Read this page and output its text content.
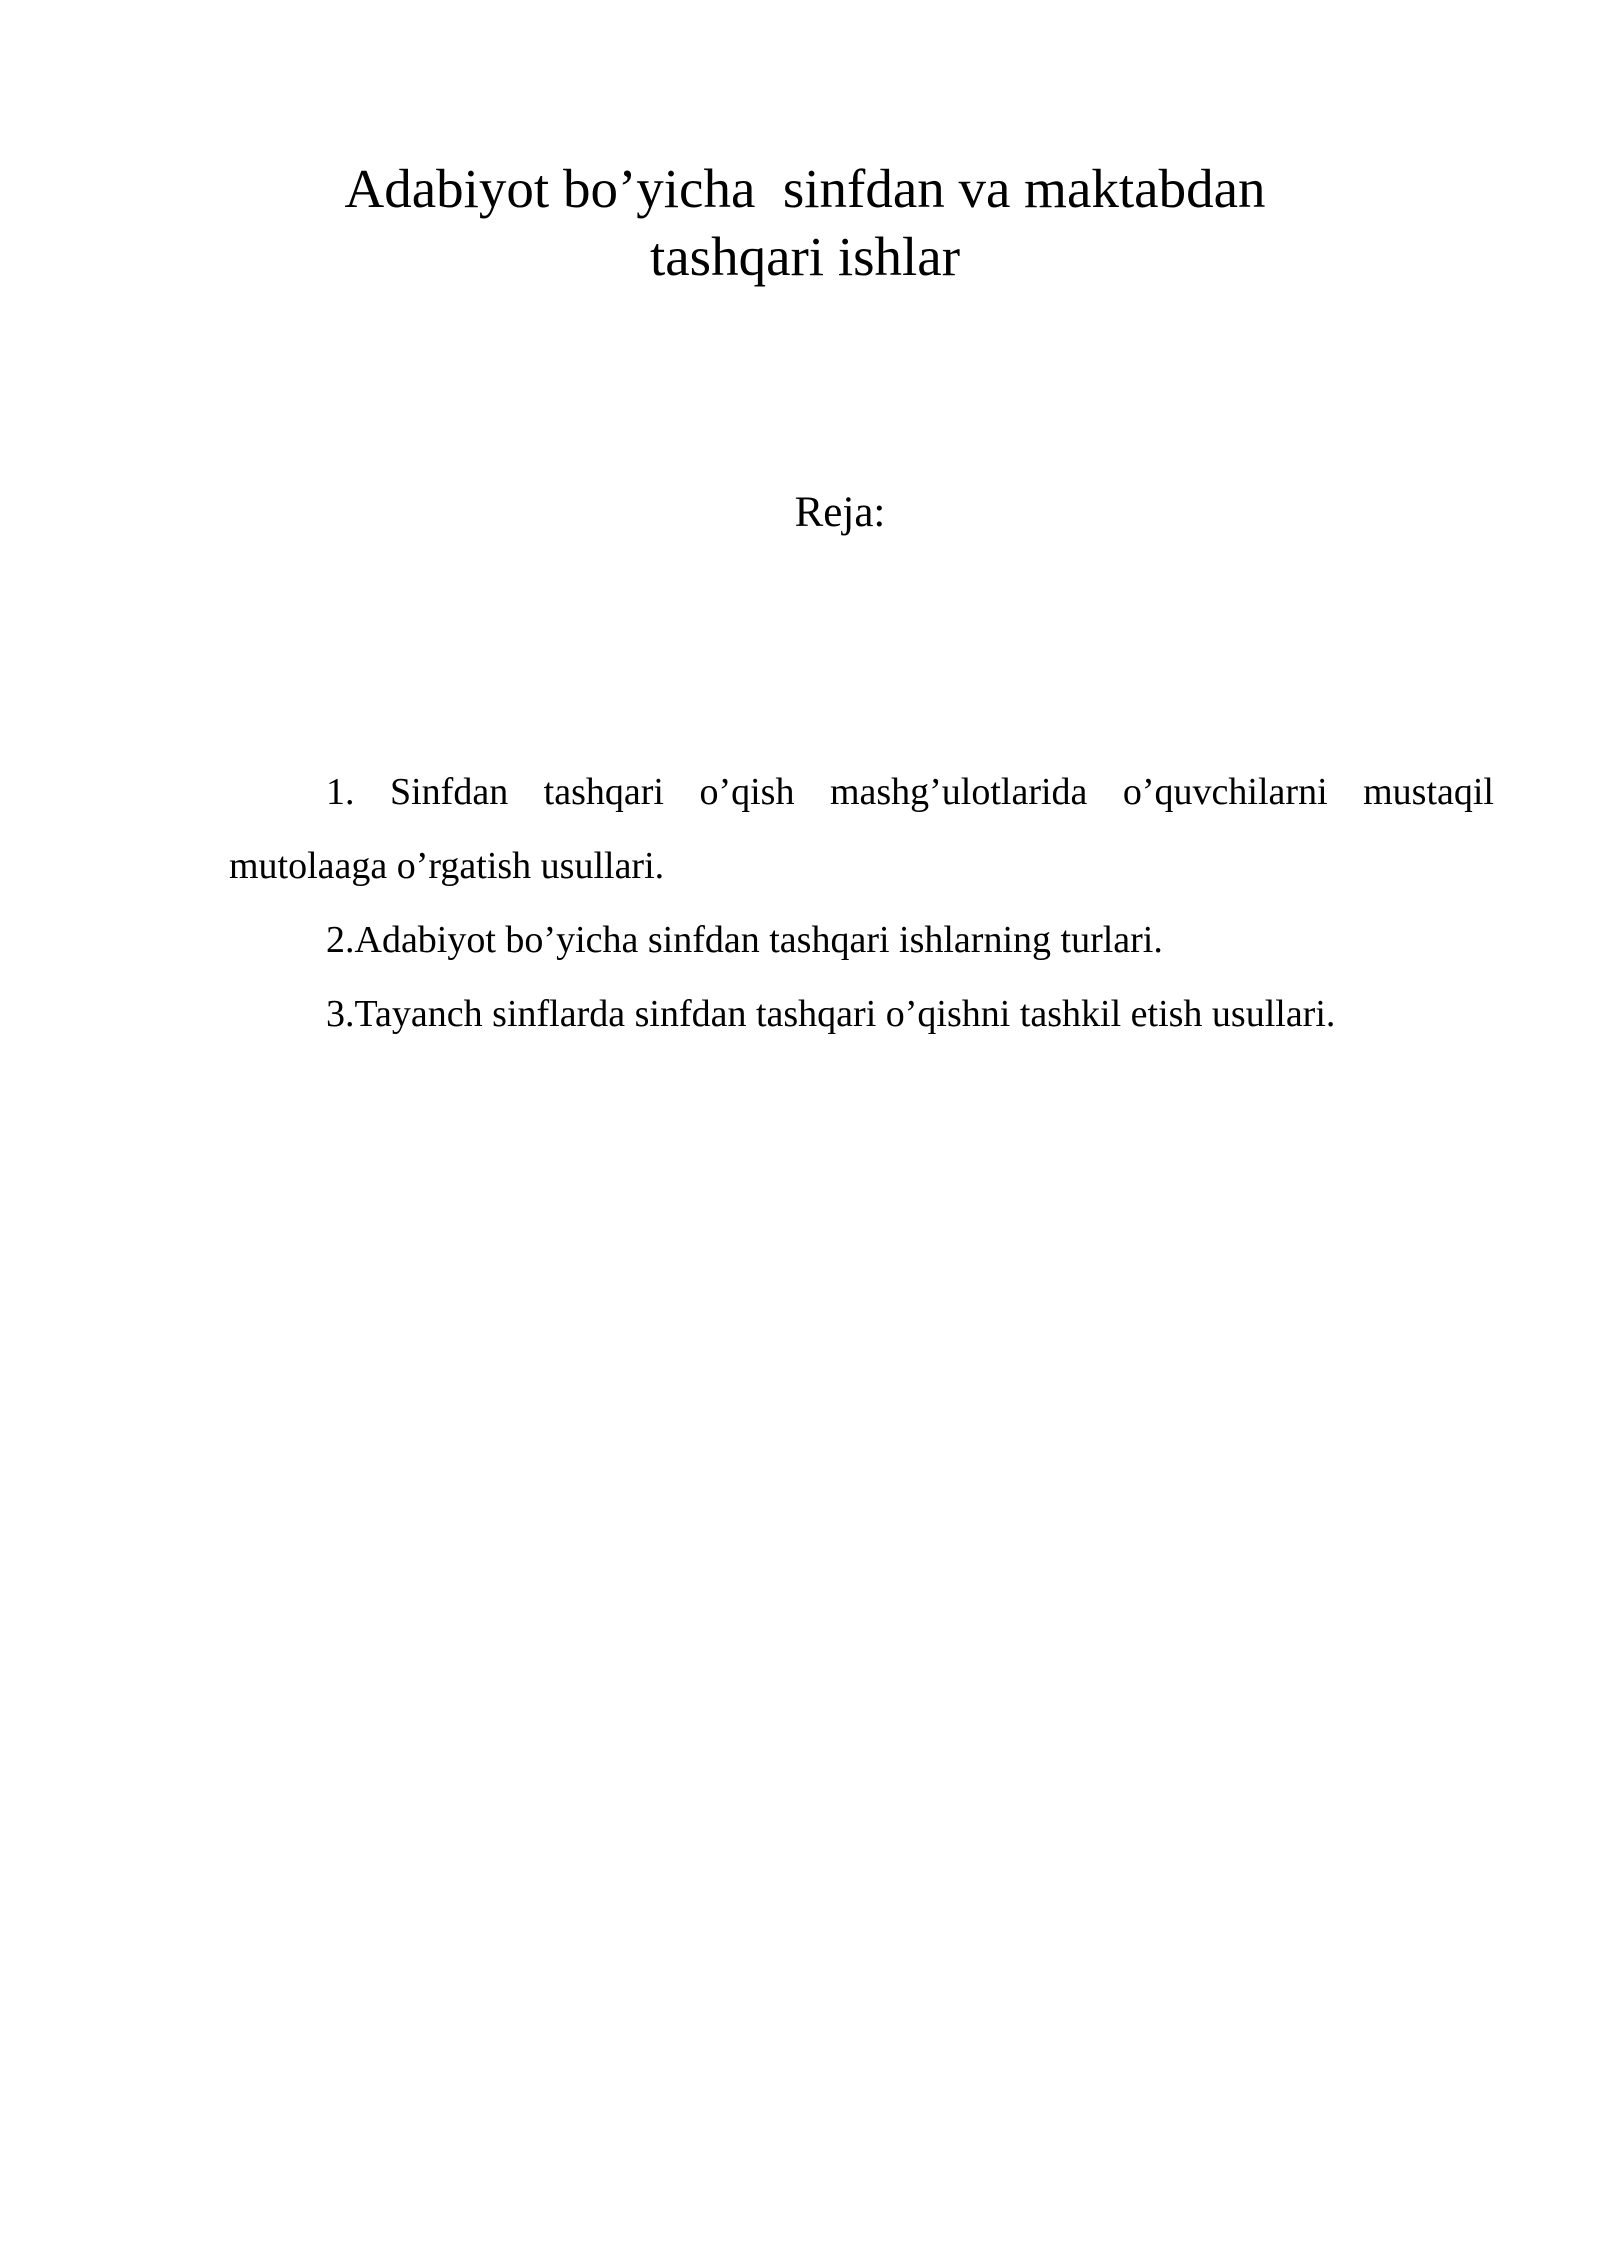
Adabiyot bo’yicha  sinfdan va maktabdan
tashqari ishlar
Reja:

1. Sinfdan tashqari o’qish mashg’ulotlarida o’quvchilarni mustaqil mutolaaga o’rgatish usullari.

2.Adabiyot bo’yicha sinfdan tashqari ishlarning turlari.

3.Tayanch sinflarda sinfdan tashqari o’qishni tashkil etish usullari.
